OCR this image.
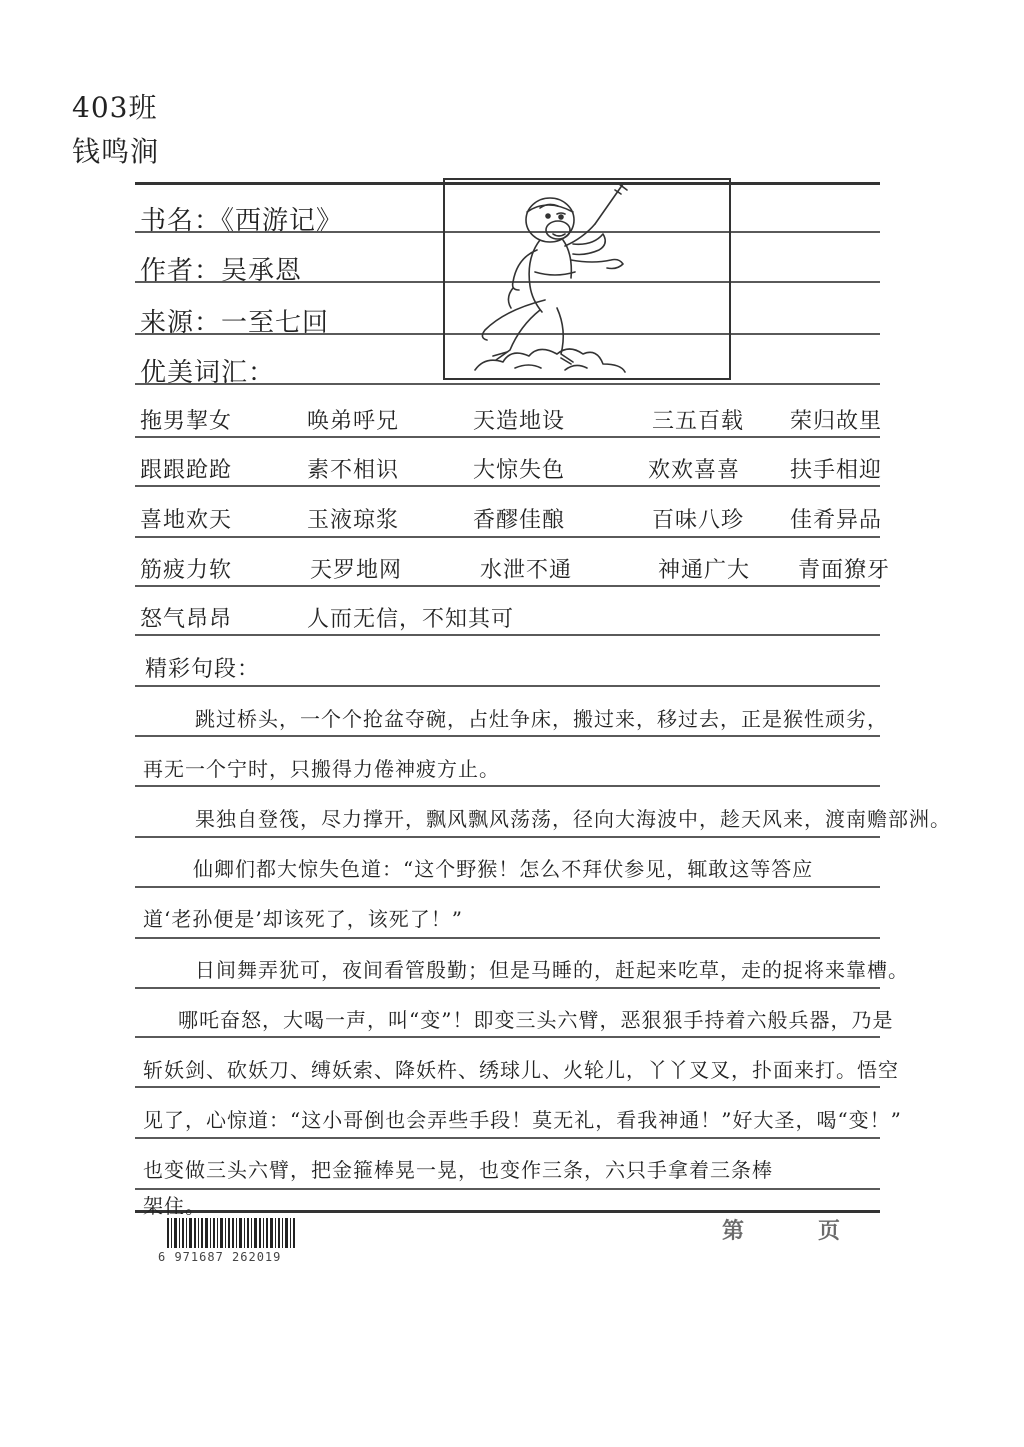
403班
钱鸣涧
书名：《西游记》
作者：吴承恩
来源：一至七回
优美词汇：
拖男挈女	唤弟呼兄	天造地设	三五百载 荣归故里
跟跟跄跄	素不相识	大惊失色	欢欢喜喜 扶手相迎
喜地欢天	玉液琼浆	香醪佳酿	百味八珍 佳肴异品
筋疲力软	天罗地网	水泄不通	神通广大 青面獠牙
怒气昂昂	人而无信，不知其可
精彩句段：
跳过桥头，一个个抢盆夺碗，占灶争床，搬过来，移过去，正是猴性顽劣，
再无一个宁时，只搬得力倦神疲方止。
果独自登筏，尽力撑开，飘风飘风荡荡，径向大海波中，趁天风来，渡南赡部洲。
仙卿们都大惊失色道：“这个野猴！怎么不拜伏参见，辄敢这等答应
道‘老孙便是’却该死了，该死了！”
日间舞弄犹可，夜间看管殷勤；但是马睡的，赶起来吃草，走的捉将来靠槽。
哪吒奋怒，大喝一声，叫“变”！即变三头六臂，恶狠狠手持着六般兵器，乃是
斩妖剑、砍妖刀、缚妖索、降妖杵、绣球儿、火轮儿，丫丫叉叉，扑面来打。悟空
见了，心惊道：“这小哥倒也会弄些手段！莫无礼，看我神通！”好大圣，喝“变！”
也变做三头六臂，把金箍棒晃一晃，也变作三条，六只手拿着三条棒
架住。
6 971687 262019
第	页
